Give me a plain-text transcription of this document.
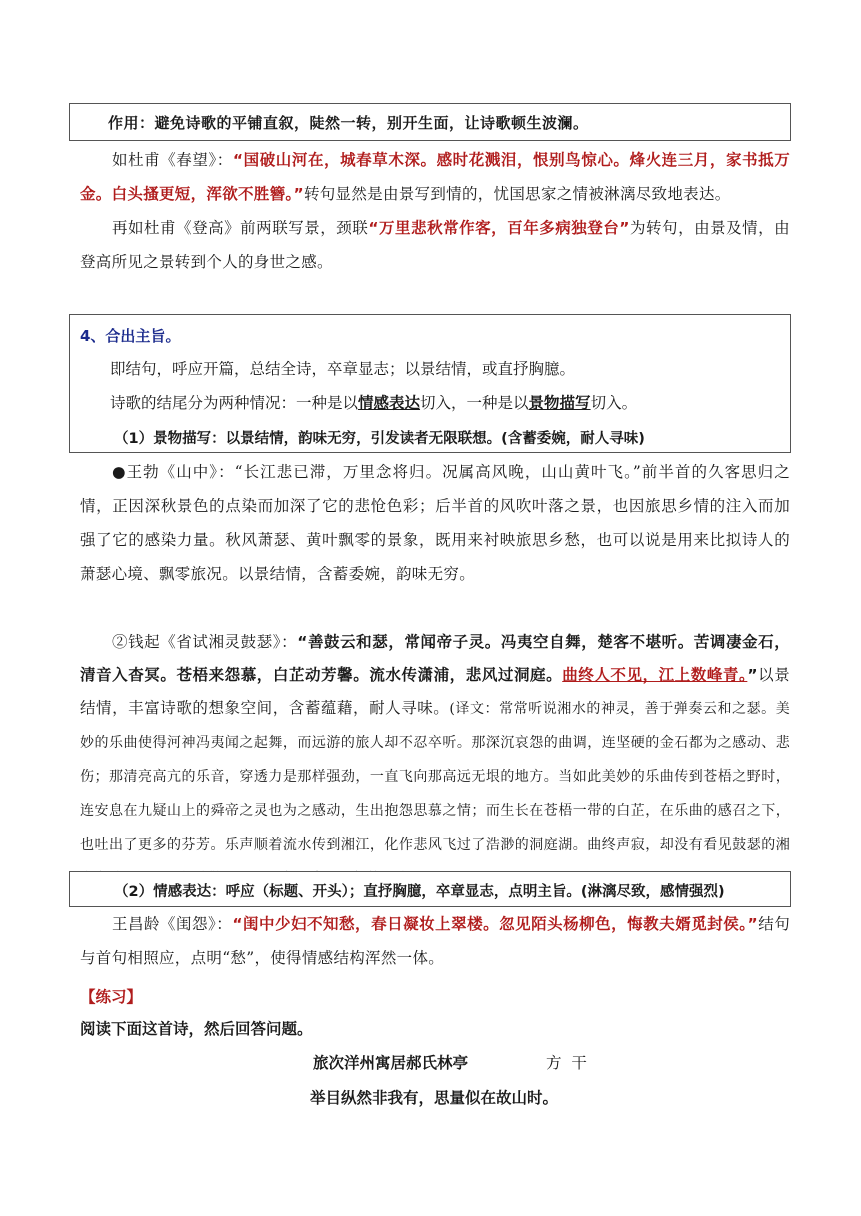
作用：避免诗歌的平铺直叙，陡然一转，别开生面，让诗歌顿生波澜。

如杜甫《春望》：“国破山河在，城春草木深。感时花溅泪，恨别鸟惊心。烽火连三月，家书抵万金。白头搔更短，浑欲不胜簪。”转句显然是由景写到情的，忧国思家之情被淋漓尽致地表达。

再如杜甫《登高》前两联写景，颈联“万里悲秋常作客，百年多病独登台”为转句，由景及情，由登高所见之景转到个人的身世之感。

4、合出主旨。
即结句，呼应开篇，总结全诗，卒章显志；以景结情，或直抒胸臆。
诗歌的结尾分为两种情况：一种是以情感表达切入，一种是以景物描写切入。
（1）景物描写：以景结情，韵味无穷，引发读者无限联想。(含蓄委婉，耐人寻味)

●王勃《山中》：“长江悲已滞，万里念将归。况属高风晚，山山黄叶飞。”前半首的久客思归之情，正因深秋景色的点染而加深了它的悲怆色彩；后半首的风吹叶落之景，也因旅思乡情的注入而加强了它的感染力量。秋风萧瑟、黄叶飘零的景象，既用来衬映旅思乡愁，也可以说是用来比拟诗人的萧瑟心境、飘零旅况。以景结情，含蓄委婉，韵味无穷。

②钱起《省试湘灵鼓瑟》：“善鼓云和瑟，常闻帝子灵。冯夷空自舞，楚客不堪听。苦调凄金石，清音入杳冥。苍梧来怨慕，白芷动芳馨。流水传潇浦，悲风过洞庭。曲终人不见，江上数峰青。”以景结情，丰富诗歌的想象空间，含蓄蕴藉，耐人寻味。(译文：常常听说湘水的神灵，善于弹奏云和之瑟。美妙的乐曲使得河神冯夷闻之起舞，而远游的旅人却不忍卒听。那深沉哀怨的曲调，连坚硬的金石都为之感动、悲伤；那清亮高亢的乐音，穿透力是那样强劲，一直飞向那高远无垠的地方。当如此美妙的乐曲传到苍梧之野时，连安息在九疑山上的舜帝之灵也为之感动，生出抱怨思慕之情；而生长在苍梧一带的白芷，在乐曲的感召之下，也吐出了更多的芬芳。乐声顺着流水传到湘江，化作悲风飞过了浩渺的洞庭湖。曲终声寂，却没有看见鼓瑟的湘

（2）情感表达：呼应（标题、开头）；直抒胸臆，卒章显志，点明主旨。(淋漓尽致，感情强烈)

王昌龄《闺怨》：“闺中少妇不知愁，春日凝妆上翠楼。忽见陌头杨柳色，悔教夫婿觅封侯。”结句与首句相照应，点明“愁”，使得情感结构浑然一体。

【练习】
阅读下面这首诗，然后回答问题。
旅次洋州寓居郝氏林亭	方  干
举目纵然非我有，思量似在故山时。
